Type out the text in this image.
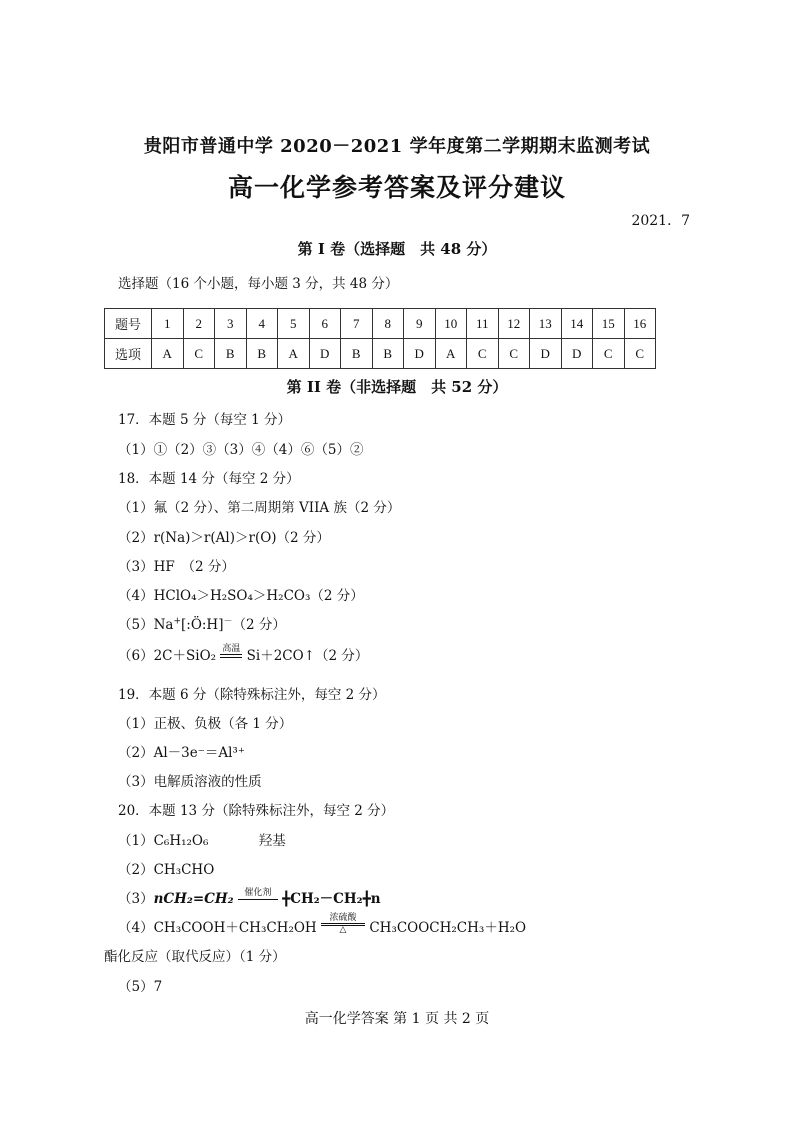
贵阳市普通中学 2020－2021 学年度第二学期期末监测考试
高一化学参考答案及评分建议
2021．7
第 I 卷（选择题　共 48 分）
选择题（16 个小题，每小题 3 分，共 48 分）
题号	1	2	3	4	5	6	7	8	9	10	11	12	13	14	15	16
选项	A	C	B	B	A	D	B	B	D	A	C	C	D	D	C	C
第 II 卷（非选择题　共 52 分）
17．本题 5 分（每空 1 分）
（1）①（2）③（3）④（4）⑥（5）②
18．本题 14 分（每空 2 分）
（1）氟（2 分）、第二周期第 VIIA 族（2 分）
（2）r(Na)＞r(Al)＞r(O)（2 分）
（3）HF　（2 分）
（4）HClO₄＞H₂SO₄＞H₂CO₃（2 分）
（5）Na+[:Ö:H]－（2 分）
（6）2C＋SiO₂ 高温 Si＋2CO↑（2 分）
19．本题 6 分（除特殊标注外，每空 2 分）
（1）正极、负极（各 1 分）
（2）Al－3e⁻＝Al³⁺
（3）电解质溶液的性质
20．本题 13 分（除特殊标注外，每空 2 分）
（1）C₆H₁₂O₆	羟基
（2）CH₃CHO
（3）nCH₂=CH₂	催化剂 ╋CH₂－CH₂╋n
（4）CH₃COOH＋CH₃CH₂OH
浓硫酸
△	CH₃COOCH₂CH₃＋H₂O
酯化反应（取代反应）（1 分）
（5）7
高一化学答案 第 1 页 共 2 页
